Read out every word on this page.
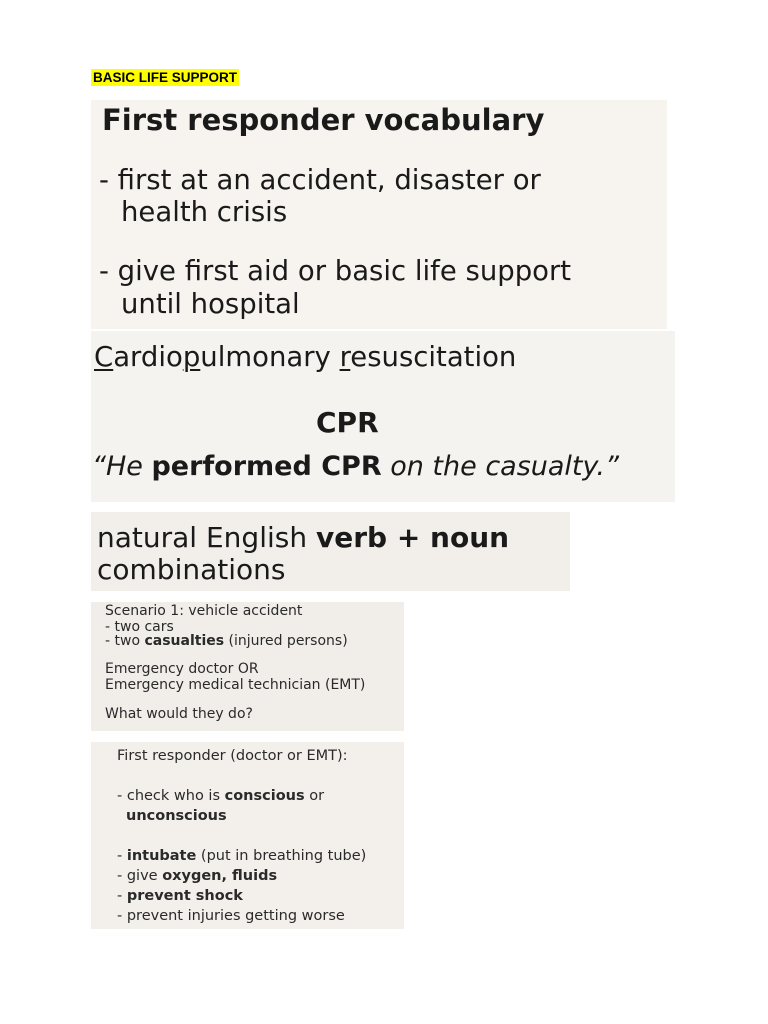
BASIC LIFE SUPPORT
First responder vocabulary
- first at an accident, disaster or
health crisis
- give first aid or basic life support
until hospital
Cardiopulmonary resuscitation
CPR
“He performed CPR on the casualty.”
natural English verb + noun
combinations
Scenario 1: vehicle accident
- two cars
- two casualties (injured persons)
Emergency doctor OR
Emergency medical technician (EMT)
What would they do?
First responder (doctor or EMT):
- check who is conscious or
unconscious
- intubate (put in breathing tube)
- give oxygen, fluids
- prevent shock
- prevent injuries getting worse
